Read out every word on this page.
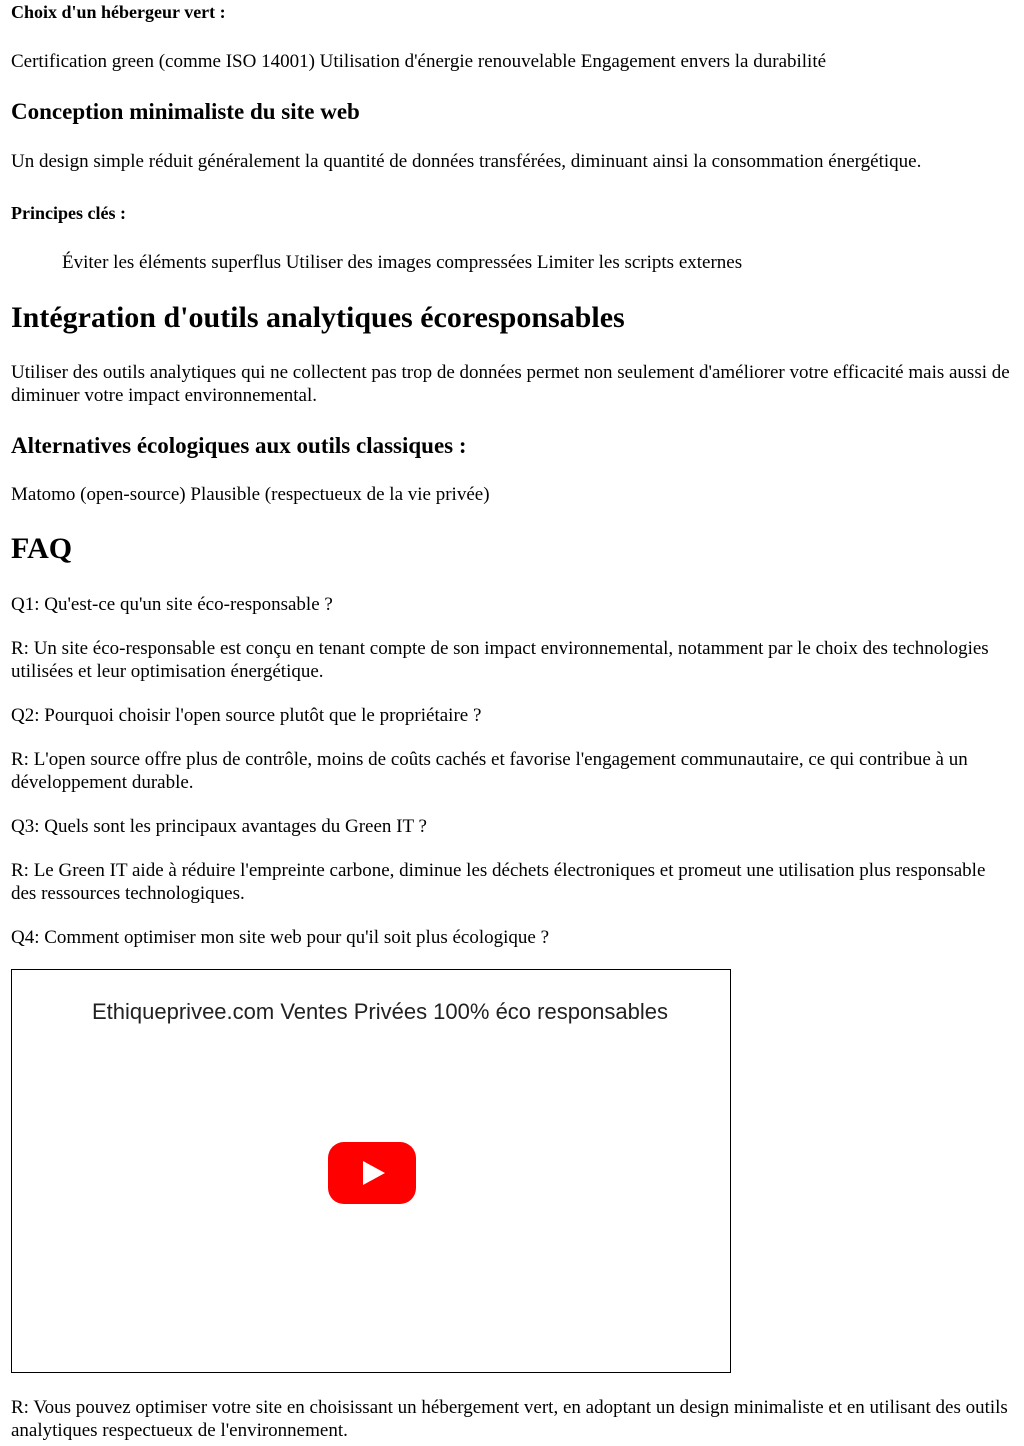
Choix d'un hébergeur vert :
Certification green (comme ISO 14001) Utilisation d'énergie renouvelable Engagement envers la durabilité
Conception minimaliste du site web
Un design simple réduit généralement la quantité de données transférées, diminuant ainsi la consommation énergétique.
Principes clés :
Éviter les éléments superflus Utiliser des images compressées Limiter les scripts externes
Intégration d'outils analytiques écoresponsables
Utiliser des outils analytiques qui ne collectent pas trop de données permet non seulement d'améliorer votre efficacité mais aussi de diminuer votre impact environnemental.
Alternatives écologiques aux outils classiques :
Matomo (open-source) Plausible (respectueux de la vie privée)
FAQ
Q1: Qu'est-ce qu'un site éco-responsable ?
R: Un site éco-responsable est conçu en tenant compte de son impact environnemental, notamment par le choix des technologies utilisées et leur optimisation énergétique.
Q2: Pourquoi choisir l'open source plutôt que le propriétaire ?
R: L'open source offre plus de contrôle, moins de coûts cachés et favorise l'engagement communautaire, ce qui contribue à un développement durable.
Q3: Quels sont les principaux avantages du Green IT ?
R: Le Green IT aide à réduire l'empreinte carbone, diminue les déchets électroniques et promeut une utilisation plus responsable des ressources technologiques.
Q4: Comment optimiser mon site web pour qu'il soit plus écologique ?
Ethiqueprivee.com Ventes Privées 100% éco responsables
R: Vous pouvez optimiser votre site en choisissant un hébergement vert, en adoptant un design minimaliste et en utilisant des outils analytiques respectueux de l'environnement.
